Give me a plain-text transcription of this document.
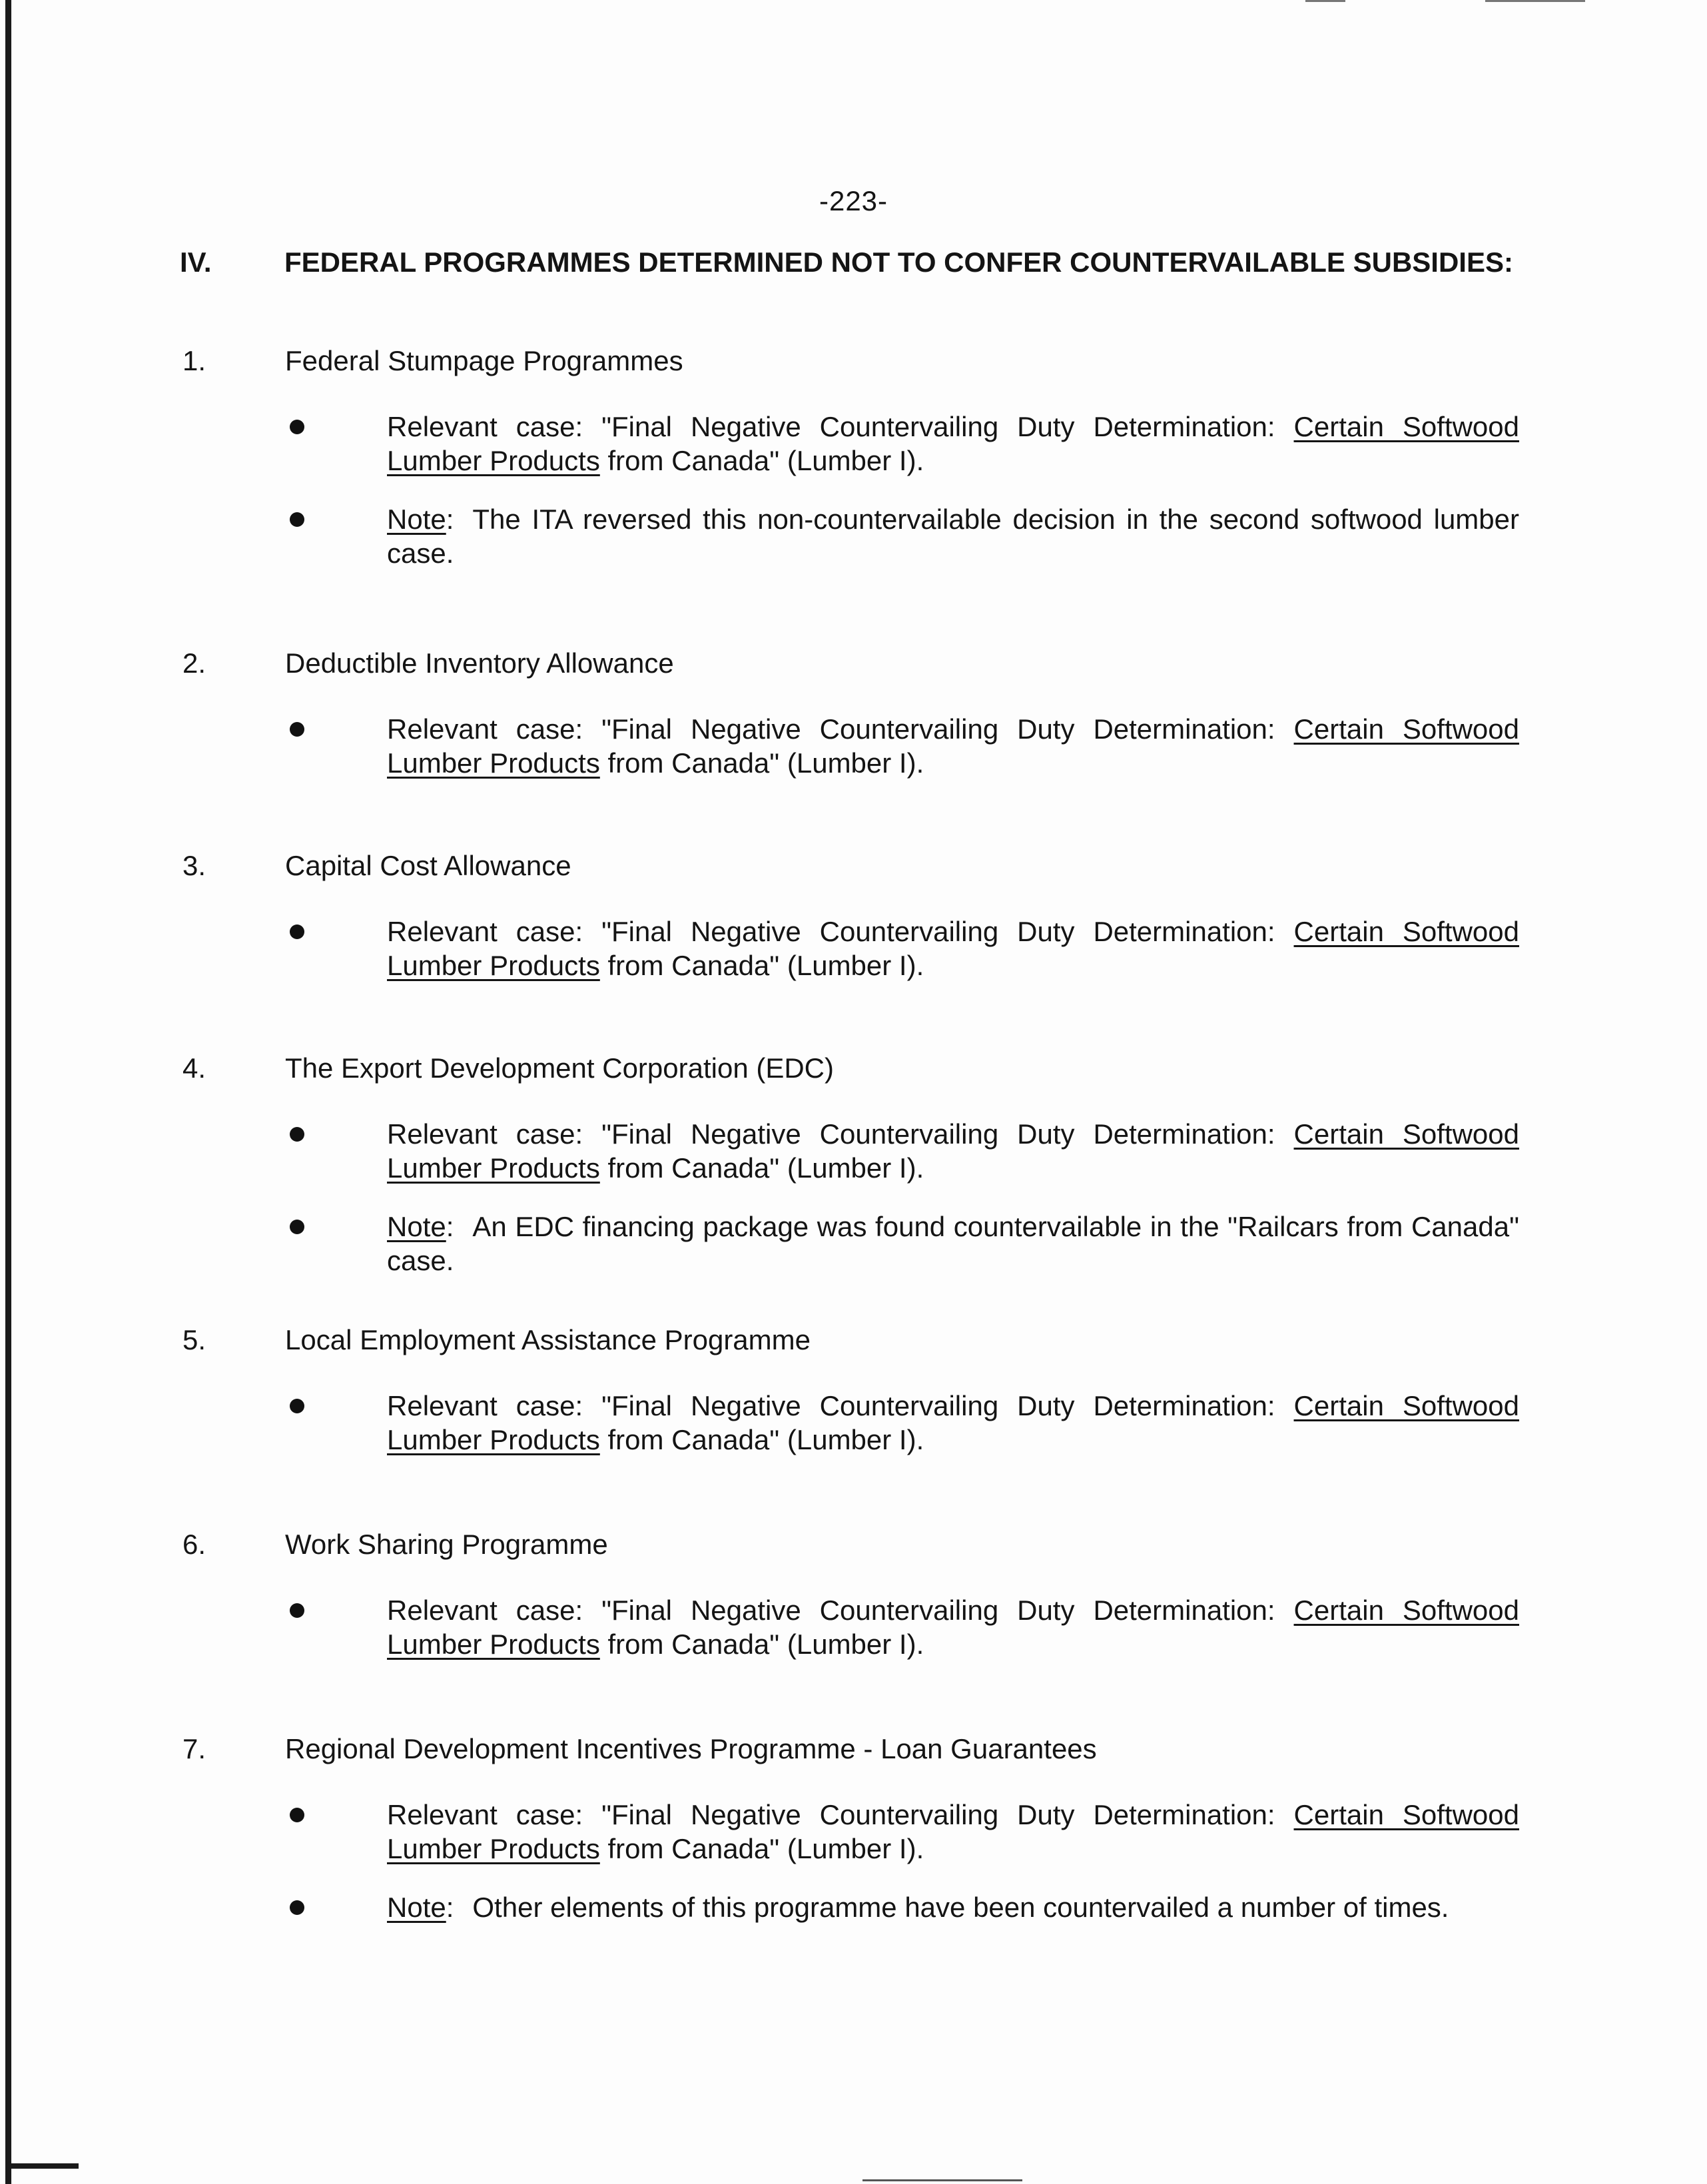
-223-
IV.	FEDERAL PROGRAMMES DETERMINED NOT TO CONFER COUNTERVAILABLE SUBSIDIES:
1.	Federal Stumpage Programmes
Relevant case: "Final Negative Countervailing Duty Determination: Certain Softwood Lumber Products from Canada" (Lumber I).
Note: The ITA reversed this non-countervailable decision in the second softwood lumber case.
2.	Deductible Inventory Allowance
Relevant case: "Final Negative Countervailing Duty Determination: Certain Softwood Lumber Products from Canada" (Lumber I).
3.	Capital Cost Allowance
Relevant case: "Final Negative Countervailing Duty Determination: Certain Softwood Lumber Products from Canada" (Lumber I).
4.	The Export Development Corporation (EDC)
Relevant case: "Final Negative Countervailing Duty Determination: Certain Softwood Lumber Products from Canada" (Lumber I).
Note: An EDC financing package was found countervailable in the "Railcars from Canada" case.
5.	Local Employment Assistance Programme
Relevant case: "Final Negative Countervailing Duty Determination: Certain Softwood Lumber Products from Canada" (Lumber I).
6.	Work Sharing Programme
Relevant case: "Final Negative Countervailing Duty Determination: Certain Softwood Lumber Products from Canada" (Lumber I).
7.	Regional Development Incentives Programme - Loan Guarantees
Relevant case: "Final Negative Countervailing Duty Determination: Certain Softwood Lumber Products from Canada" (Lumber I).
Note: Other elements of this programme have been countervailed a number of times.
